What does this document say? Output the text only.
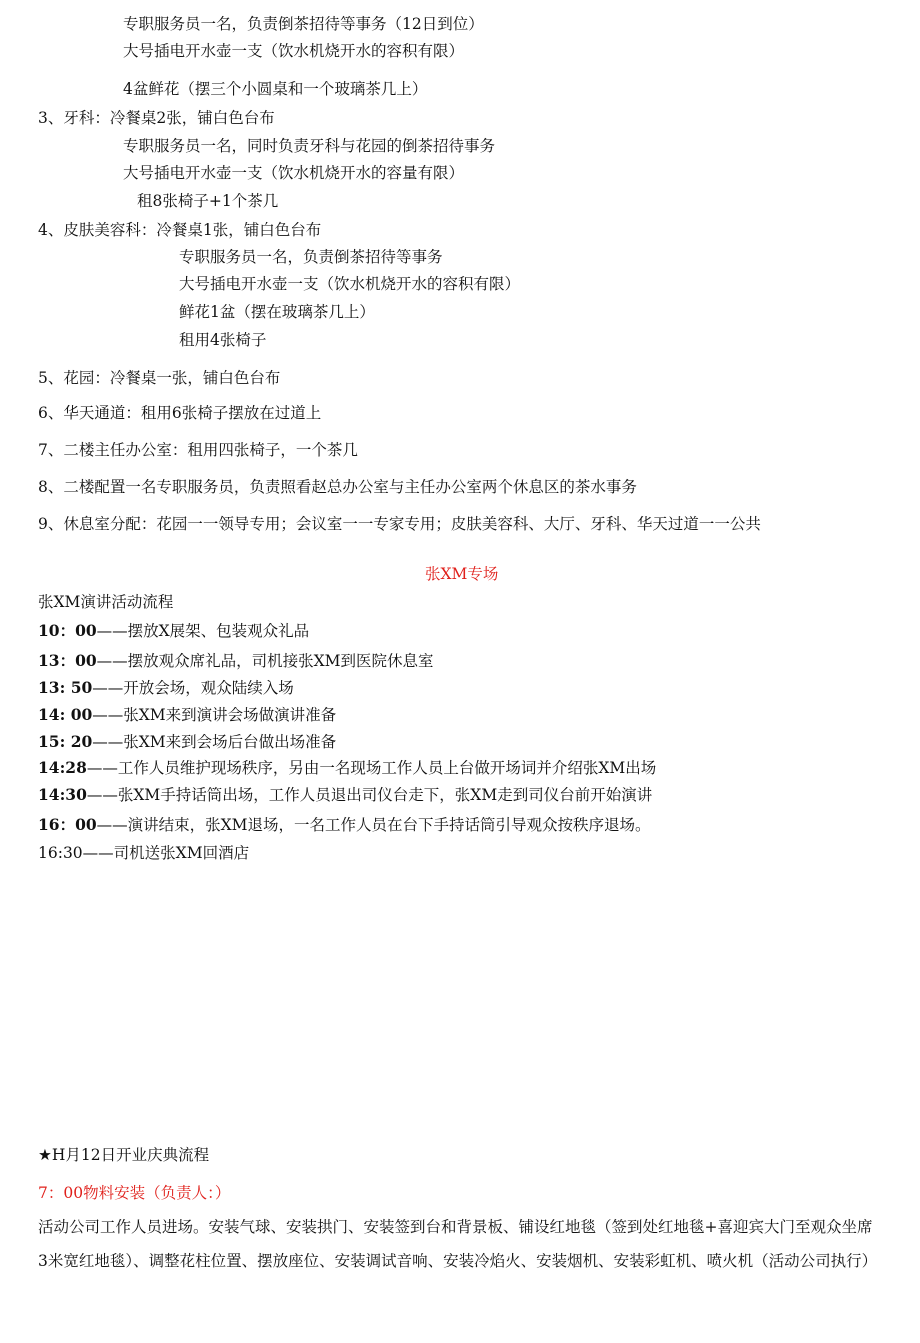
专职服务员一名，负责倒茶招待等事务（12日到位）
大号插电开水壶一支（饮水机烧开水的容积有限）
4盆鲜花（摆三个小圆桌和一个玻璃茶几上）
3、牙科：冷餐桌2张，铺白色台布
专职服务员一名，同时负责牙科与花园的倒茶招待事务
大号插电开水壶一支（饮水机烧开水的容量有限）
租8张椅子+1个茶几
4、皮肤美容科：冷餐桌1张，铺白色台布
专职服务员一名，负责倒茶招待等事务
大号插电开水壶一支（饮水机烧开水的容积有限）
鲜花1盆（摆在玻璃茶几上）
租用4张椅子
5、花园：冷餐桌一张，铺白色台布
6、华天通道：租用6张椅子摆放在过道上
7、二楼主任办公室：租用四张椅子，一个茶几
8、二楼配置一名专职服务员，负责照看赵总办公室与主任办公室两个休息区的茶水事务
9、休息室分配：花园一一领导专用；会议室一一专家专用；皮肤美容科、大厅、牙科、华天过道一一公共
张XM专场
张XM演讲活动流程
10：00——摆放X展架、包装观众礼品
13：00——摆放观众席礼品，司机接张XM到医院休息室
13: 50——开放会场，观众陆续入场
14: 00——张XM来到演讲会场做演讲准备
15: 20——张XM来到会场后台做出场准备
14:28——工作人员维护现场秩序，另由一名现场工作人员上台做开场词并介绍张XM出场
14:30——张XM手持话筒出场，工作人员退出司仪台走下，张XM走到司仪台前开始演讲
16：00——演讲结束，张XM退场，一名工作人员在台下手持话筒引导观众按秩序退场。
16:30——司机送张XM回酒店
★H月12日开业庆典流程
7：00物料安装（负责人：）
活动公司工作人员进场。安装气球、安装拱门、安装签到台和背景板、铺设红地毯（签到处红地毯+喜迎宾大门至观众坐席3米宽红地毯）、调整花柱位置、摆放座位、安装调试音响、安装冷焰火、安装烟机、安装彩虹机、喷火机（活动公司执行）
